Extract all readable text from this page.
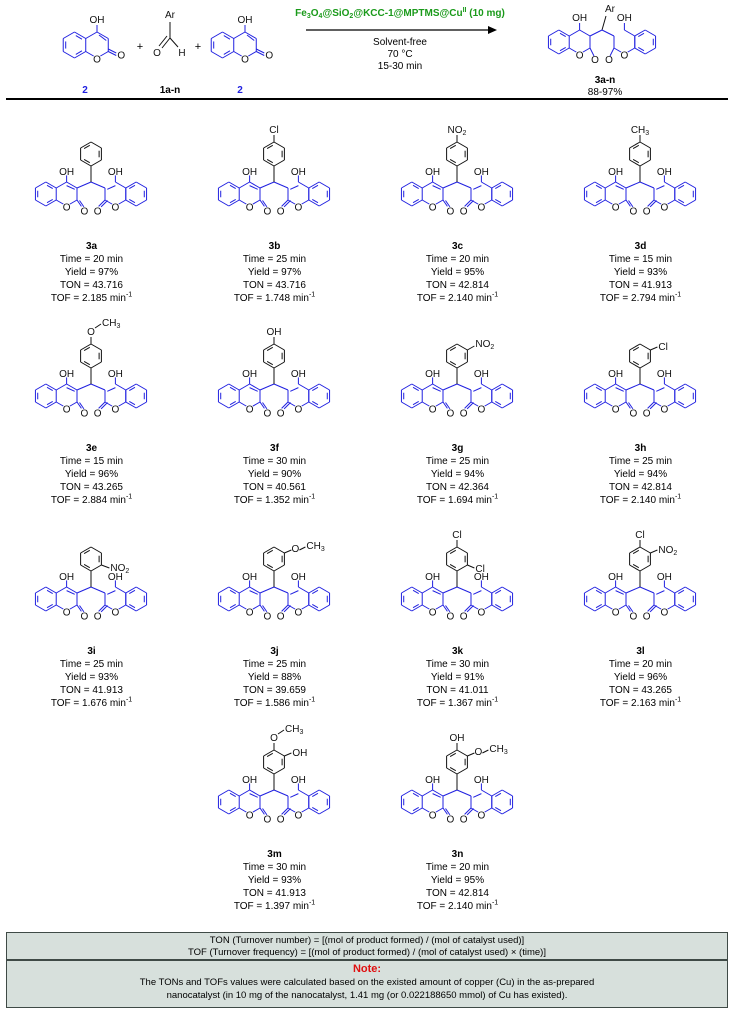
OH
O
O
2
+
Ar
O H
1a-n
+
OH
O
O
2
$Fe_3O_4@SiO_2@KCC-1@MPTMS@Cu^{II}$ (10 mg)
Solvent-free
70 °C
15-30 min
Ar
OH
O
O
OH
O O
3a-n
88-97%
OH
O
O
OH
O O
3a
Time = 20 min
Yield = 97%
TON = 43.716
TOF = 2.185 $\min^{-1}$
OH
O
O
OH
O O
Cl
3b
Time = 25 min
Yield = 97%
TON = 43.716
TOF = 1.748 $\min^{-1}$
OH
O
O
OH
O O
$NO_2$
3c
Time = 20 min
Yield = 95%
TON = 42.814
TOF = 2.140 $\min^{-1}$
OH
O
O
OH
O O
$CH_3$
3d
Time = 15 min
Yield = 93%
TON = 41.913
TOF = 2.794 $\min^{-1}$
OH
O
O
OH
O O
O
$CH_3$
3e
Time = 15 min
Yield = 96%
TON = 43.265
TOF = 2.884 $\min^{-1}$
OH
O
O
OH
O O
OH
3f
Time = 30 min
Yield = 90%
TON = 40.561
TOF = 1.352 $\min^{-1}$
OH
O
O
OH
O O
$NO_2$
3g
Time = 25 min
Yield = 94%
TON = 42.364
TOF = 1.694 $\min^{-1}$
OH
O
O
OH
O O
Cl
3h
Time = 25 min
Yield = 94%
TON = 42.814
TOF = 2.140 $\min^{-1}$
OH
O
O
OH
O O
$NO_2$
3i
Time = 25 min
Yield = 93%
TON = 41.913
TOF = 1.676 $\min^{-1}$
OH
O
O
OH
O O
O $CH_3$
3j
Time = 25 min
Yield = 88%
TON = 39.659
TOF = 1.586 $\min^{-1}$
OH
O
O
OH
O O
Cl
Cl
3k
Time = 30 min
Yield = 91%
TON = 41.011
TOF = 1.367 $\min^{-1}$
OH
O
O
OH
O O
Cl
$NO_2$
3l
Time = 20 min
Yield = 96%
TON = 43.265
TOF = 2.163 $\min^{-1}$
OH
O
O
OH
O O
O
$CH_3$
OH
3m
Time = 30 min
Yield = 93%
TON = 41.913
TOF = 1.397 $\min^{-1}$
OH
O
O
OH
O O
OH
O $CH_3$
3n
Time = 20 min
Yield = 95%
TON = 42.814
TOF = 2.140 $\min^{-1}$
TON (Turnover number) = [(mol of product formed) / (mol of catalyst used)]
TOF (Turnover frequency) = [(mol of product formed) / (mol of catalyst used) × (time)]
Note:
The TONs and TOFs values were calculated based on the existed amount of copper (Cu) in the as-prepared
nanocatalyst (in 10 mg of the nanocatalyst, 1.41 mg (or 0.022188650 mmol) of Cu has existed).
